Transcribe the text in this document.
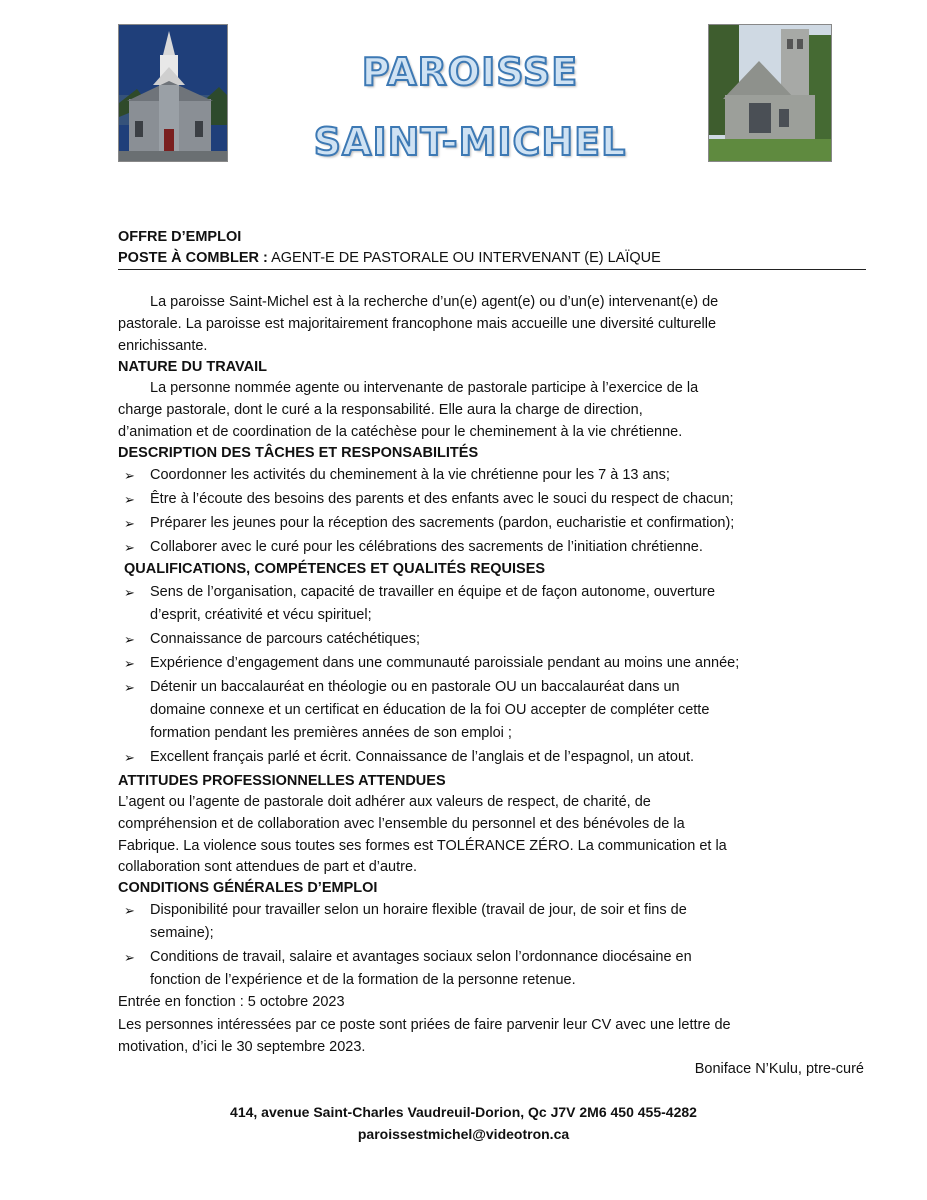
PAROISSE
SAINT-MICHEL
OFFRE D’EMPLOI
POSTE À COMBLER : AGENT-E DE PASTORALE OU INTERVENANT (E) LAÏQUE
La paroisse Saint-Michel est à la recherche d’un(e) agent(e) ou d’un(e) intervenant(e) de
pastorale. La paroisse est majoritairement francophone mais accueille une diversité culturelle
enrichissante.
NATURE DU TRAVAIL
La personne nommée agente ou intervenante de pastorale participe à l’exercice de la
charge pastorale, dont le curé a la responsabilité. Elle aura la charge de direction,
d’animation et de coordination de la catéchèse pour le cheminement à la vie chrétienne.
DESCRIPTION DES TÂCHES ET RESPONSABILITÉS
➢	Coordonner les activités du cheminement à la vie chrétienne pour les 7 à 13 ans;
➢	Être à l’écoute des besoins des parents et des enfants avec le souci du respect de chacun;
➢	Préparer les jeunes pour la réception des sacrements (pardon, eucharistie et confirmation);
➢	Collaborer avec le curé pour les célébrations des sacrements de l’initiation chrétienne.
QUALIFICATIONS, COMPÉTENCES ET QUALITÉS REQUISES
➢	Sens de l’organisation, capacité de travailler en équipe et de façon autonome, ouverture
d’esprit, créativité et vécu spirituel;
➢	Connaissance de parcours catéchétiques;
➢	Expérience d’engagement dans une communauté paroissiale pendant au moins une année;
➢	Détenir un baccalauréat en théologie ou en pastorale OU un baccalauréat dans un
domaine connexe et un certificat en éducation de la foi OU accepter de compléter cette
formation pendant les premières années de son emploi ;
➢	Excellent français parlé et écrit. Connaissance de l’anglais et de l’espagnol, un atout.
ATTITUDES PROFESSIONNELLES ATTENDUES
L’agent ou l’agente de pastorale doit adhérer aux valeurs de respect, de charité, de
compréhension et de collaboration avec l’ensemble du personnel et des bénévoles de la
Fabrique. La violence sous toutes ses formes est TOLÉRANCE ZÉRO. La communication et la
collaboration sont attendues de part et d’autre.
CONDITIONS GÉNÉRALES D’EMPLOI
➢	Disponibilité pour travailler selon un horaire flexible (travail de jour, de soir et fins de
semaine);
➢	Conditions de travail, salaire et avantages sociaux selon l’ordonnance diocésaine en
fonction de l’expérience et de la formation de la personne retenue.
Entrée en fonction : 5 octobre 2023
Les personnes intéressées par ce poste sont priées de faire parvenir leur CV avec une lettre de
motivation, d’ici le 30 septembre 2023.
Boniface N’Kulu, ptre-curé
414, avenue Saint-Charles Vaudreuil-Dorion, Qc J7V 2M6 450 455-4282
paroissestmichel@videotron.ca
